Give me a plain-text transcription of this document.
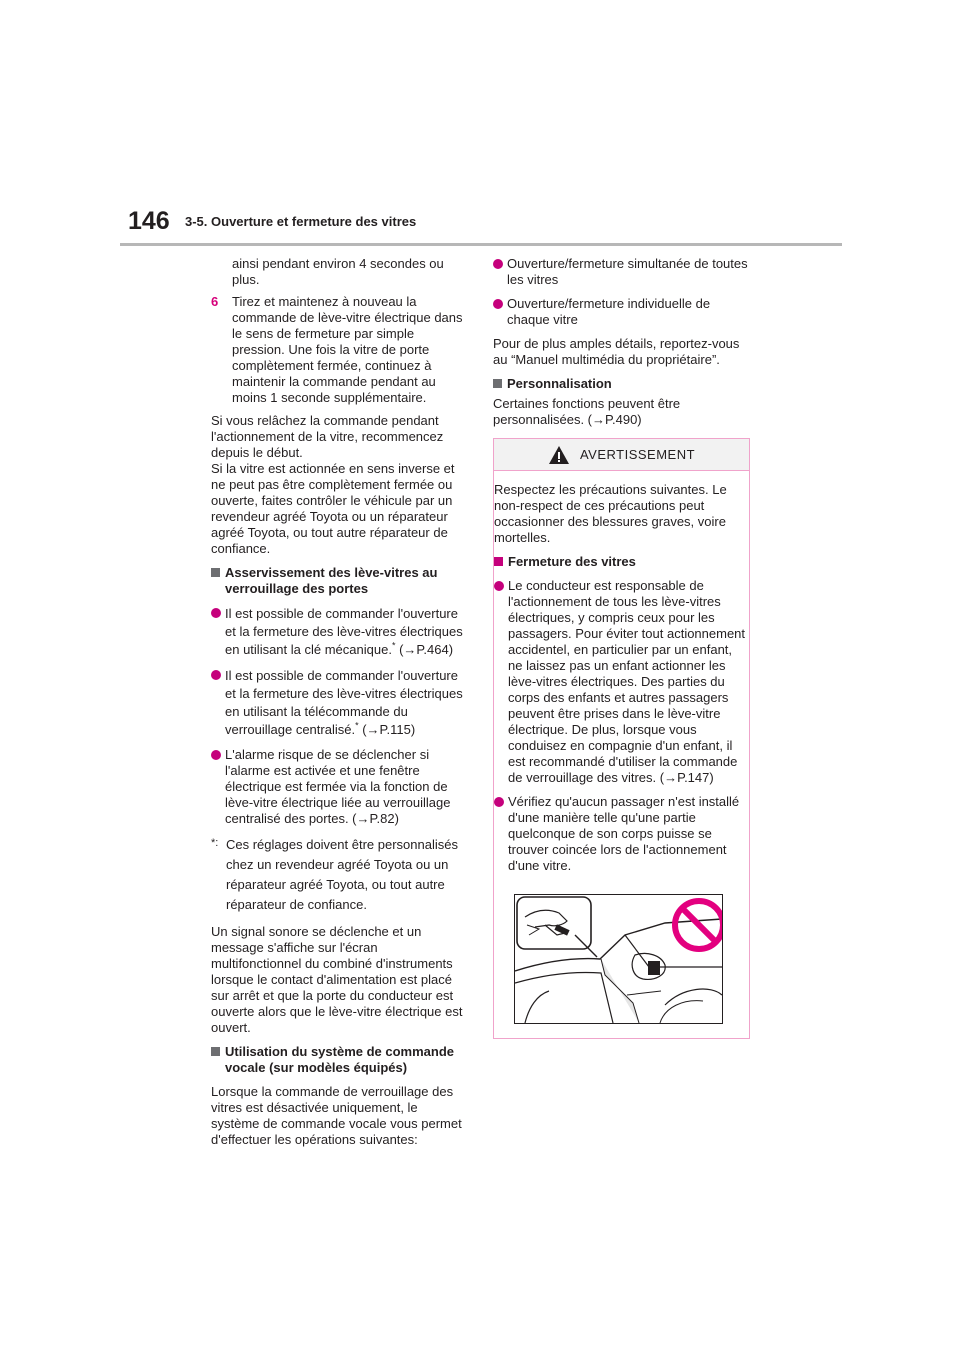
146 3-5. Ouverture et fermeture des vitres

ainsi pendant environ 4 secondes ou plus.

6 Tirez et maintenez à nouveau la commande de lève-vitre électrique dans le sens de fermeture par simple pression. Une fois la vitre de porte complètement fermée, continuez à maintenir la commande pendant au moins 1 seconde supplémentaire.

Si vous relâchez la commande pendant l'actionnement de la vitre, recommencez depuis le début.

Si la vitre est actionnée en sens inverse et ne peut pas être complètement fermée ou ouverte, faites contrôler le véhicule par un revendeur agréé Toyota ou un réparateur agréé Toyota, ou tout autre réparateur de confiance.

Asservissement des lève-vitres au verrouillage des portes
Il est possible de commander l'ouverture et la fermeture des lève-vitres électriques en utilisant la clé mécanique.* (→P.464)
Il est possible de commander l'ouverture et la fermeture des lève-vitres électriques en utilisant la télécommande du verrouillage centralisé.* (→P.115)
L'alarme risque de se déclencher si l'alarme est activée et une fenêtre électrique est fermée via la fonction de lève-vitre électrique liée au verrouillage centralisé des portes. (→P.82)
*: Ces réglages doivent être personnalisés chez un revendeur agréé Toyota ou un réparateur agréé Toyota, ou tout autre réparateur de confiance.

Un signal sonore se déclenche et un message s'affiche sur l'écran multifonctionnel du combiné d'instruments lorsque le contact d'alimentation est placé sur arrêt et que la porte du conducteur est ouverte alors que le lève-vitre électrique est ouvert.

Utilisation du système de commande vocale (sur modèles équipés)

Lorsque la commande de verrouillage des vitres est désactivée uniquement, le système de commande vocale vous permet d'effectuer les opérations suivantes:

Ouverture/fermeture simultanée de toutes les vitres
Ouverture/fermeture individuelle de chaque vitre

Pour de plus amples détails, reportez-vous au “Manuel multimédia du propriétaire”.

Personnalisation

Certaines fonctions peuvent être personnalisées. (→P.490)

AVERTISSEMENT

Respectez les précautions suivantes. Le non-respect de ces précautions peut occasionner des blessures graves, voire mortelles.

Fermeture des vitres
Le conducteur est responsable de l'actionnement de tous les lève-vitres électriques, y compris ceux pour les passagers. Pour éviter tout actionnement accidentel, en particulier par un enfant, ne laissez pas un enfant actionner les lève-vitres électriques. Des parties du corps des enfants et autres passagers peuvent être prises dans le lève-vitre électrique. De plus, lorsque vous conduisez en compagnie d'un enfant, il est recommandé d'utiliser la commande de verrouillage des vitres. (→P.147)
Vérifiez qu'aucun passager n'est installé d'une manière telle qu'une partie quelconque de son corps puisse se trouver coincée lors de l'actionnement d'une vitre.
